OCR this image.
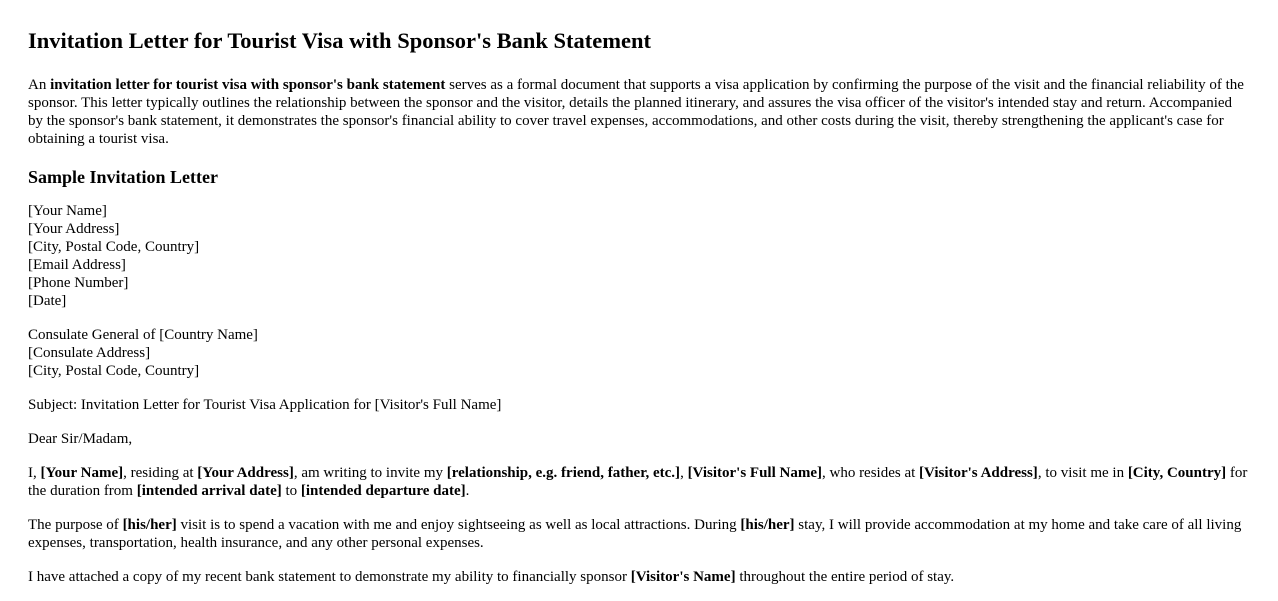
Invitation Letter for Tourist Visa with Sponsor's Bank Statement

An invitation letter for tourist visa with sponsor's bank statement serves as a formal document that supports a visa application by confirming the purpose of the visit and the financial reliability of the sponsor. This letter typically outlines the relationship between the sponsor and the visitor, details the planned itinerary, and assures the visa officer of the visitor's intended stay and return. Accompanied by the sponsor's bank statement, it demonstrates the sponsor's financial ability to cover travel expenses, accommodations, and other costs during the visit, thereby strengthening the applicant's case for obtaining a tourist visa.

Sample Invitation Letter
[Your Name]
[Your Address]
[City, Postal Code, Country]
[Email Address]
[Phone Number]
[Date]
Consulate General of [Country Name]
[Consulate Address]
[City, Postal Code, Country]

Subject: Invitation Letter for Tourist Visa Application for [Visitor's Full Name]

Dear Sir/Madam,

I, [Your Name], residing at [Your Address], am writing to invite my [relationship, e.g. friend, father, etc.], [Visitor's Full Name], who resides at [Visitor's Address], to visit me in [City, Country] for the duration from [intended arrival date] to [intended departure date].

The purpose of [his/her] visit is to spend a vacation with me and enjoy sightseeing as well as local attractions. During [his/her] stay, I will provide accommodation at my home and take care of all living expenses, transportation, health insurance, and any other personal expenses.

I have attached a copy of my recent bank statement to demonstrate my ability to financially sponsor [Visitor's Name] throughout the entire period of stay.
